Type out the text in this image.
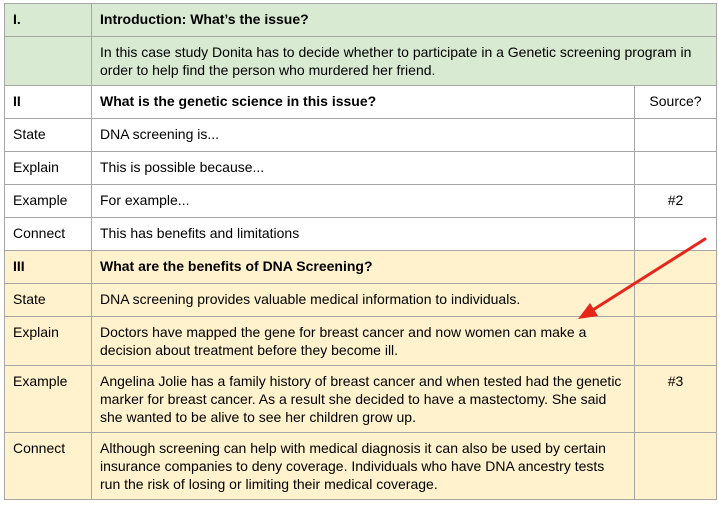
I.	Introduction: What’s the issue?	
	In this case study Donita has to decide whether to participate in a Genetic screening program in order to help find the person who murdered her friend.	
II	What is the genetic science in this issue?	Source?
State	DNA screening is...	
Explain	This is possible because...	
Example	For example...	#2
Connect	This has benefits and limitations	
III	What are the benefits of DNA Screening?	
State	DNA screening provides valuable medical information to individuals.	
Explain	Doctors have mapped the gene for breast cancer and now women can make a decision about treatment before they become ill.	
Example	Angelina Jolie has a family history of breast cancer and when tested had the genetic marker for breast cancer. As a result she decided to have a mastectomy. She said she wanted to be alive to see her children grow up.	#3
Connect	Although screening can help with medical diagnosis it can also be used by certain insurance companies to deny coverage. Individuals who have DNA ancestry tests run the risk of losing or limiting their medical coverage.	
